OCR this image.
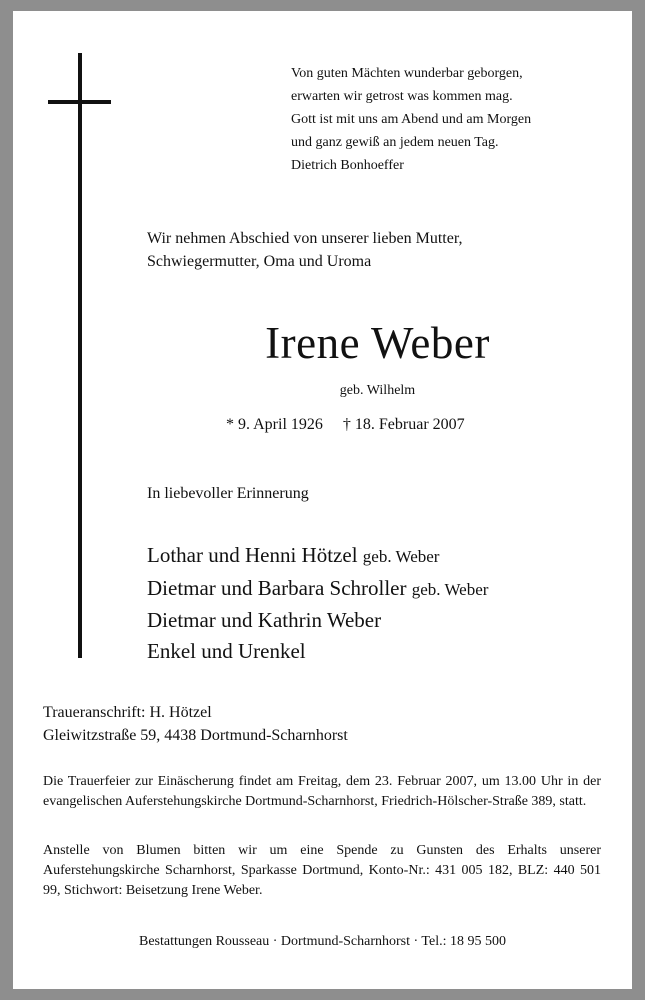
Von guten Mächten wunderbar geborgen,
erwarten wir getrost was kommen mag.
Gott ist mit uns am Abend und am Morgen
und ganz gewiß an jedem neuen Tag.
Dietrich Bonhoeffer
Wir nehmen Abschied von unserer lieben Mutter,
Schwiegermutter, Oma und Uroma
Irene Weber
geb. Wilhelm
* 9. April 1926 † 18. Februar 2007
In liebevoller Erinnerung
Lothar und Henni Hötzel geb. Weber
Dietmar und Barbara Schroller geb. Weber
Dietmar und Kathrin Weber
Enkel und Urenkel
Traueranschrift: H. Hötzel
Gleiwitzstraße 59, 4438 Dortmund-Scharnhorst
Die Trauerfeier zur Einäscherung findet am Freitag, dem 23. Februar 2007, um 13.00 Uhr in der evangelischen Auferstehungskirche Dortmund-Scharnhorst, Friedrich-Hölscher-Straße 389, statt.
Anstelle von Blumen bitten wir um eine Spende zu Gunsten des Erhalts unserer Auferstehungskirche Scharnhorst, Sparkasse Dortmund, Konto-Nr.: 431 005 182, BLZ: 440 501 99, Stichwort: Beisetzung Irene Weber.
Bestattungen Rousseau · Dortmund-Scharnhorst · Tel.: 18 95 500
